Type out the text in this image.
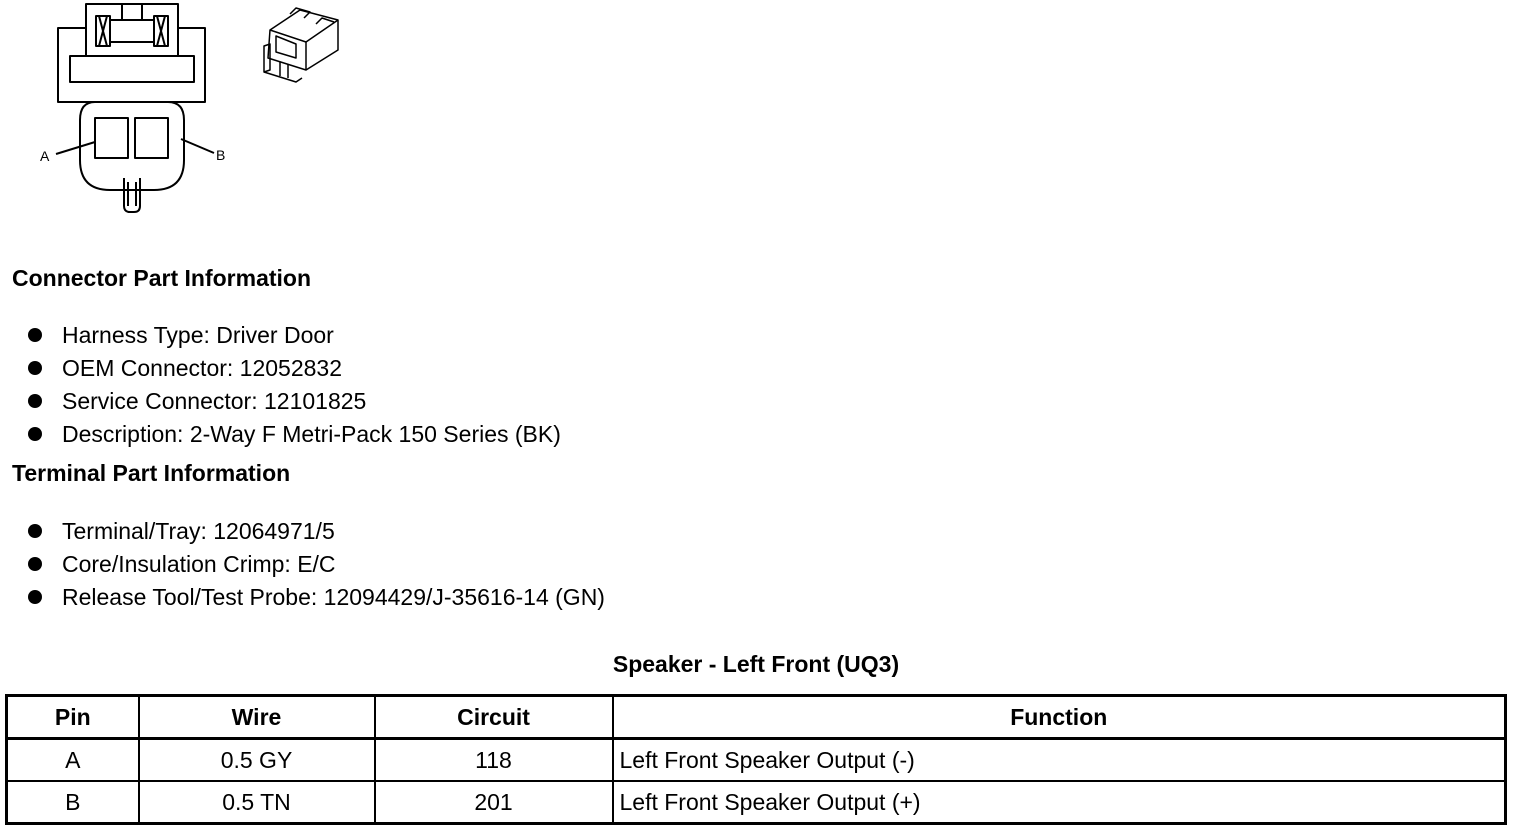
A	B
Connector Part Information
Harness Type: Driver Door
OEM Connector: 12052832
Service Connector: 12101825
Description: 2-Way F Metri-Pack 150 Series (BK)
Terminal Part Information
Terminal/Tray: 12064971/5
Core/Insulation Crimp: E/C
Release Tool/Test Probe: 12094429/J-35616-14 (GN)
Speaker - Left Front (UQ3)
Pin	Wire	Circuit	Function
A	0.5 GY	118	Left Front Speaker Output (-)
B	0.5 TN	201	Left Front Speaker Output (+)
